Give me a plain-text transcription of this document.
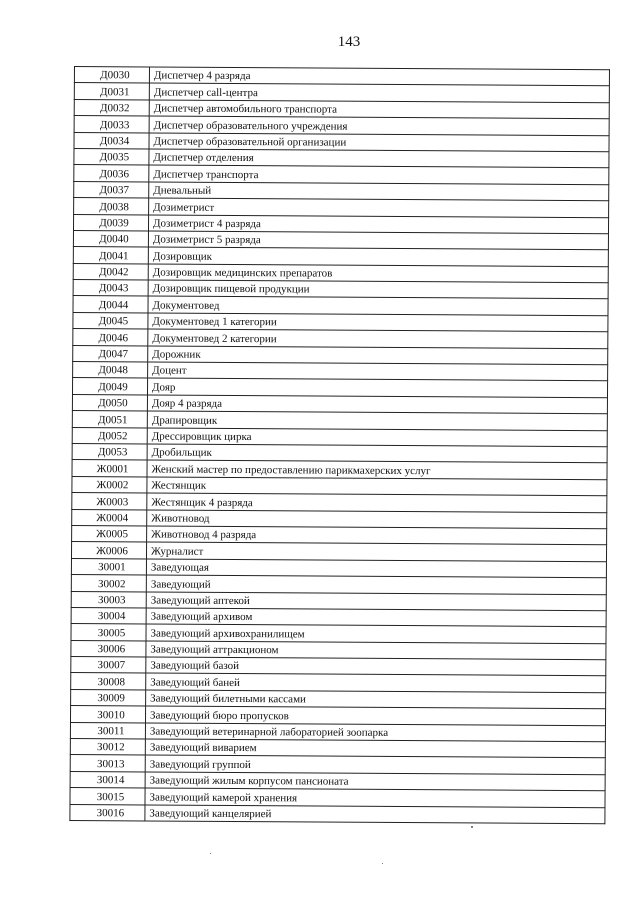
143
Д0030	Диспетчер 4 разряда
Д0031	Диспетчер call-центра
Д0032	Диспетчер автомобильного транспорта
Д0033	Диспетчер образовательного учреждения
Д0034	Диспетчер образовательной организации
Д0035	Диспетчер отделения
Д0036	Диспетчер транспорта
Д0037	Дневальный
Д0038	Дозиметрист
Д0039	Дозиметрист 4 разряда
Д0040	Дозиметрист 5 разряда
Д0041	Дозировщик
Д0042	Дозировщик медицинских препаратов
Д0043	Дозировщик пищевой продукции
Д0044	Документовед
Д0045	Документовед 1 категории
Д0046	Документовед 2 категории
Д0047	Дорожник
Д0048	Доцент
Д0049	Дояр
Д0050	Дояр 4 разряда
Д0051	Драпировщик
Д0052	Дрессировщик цирка
Д0053	Дробильщик
Ж0001	Женский мастер по предоставлению парикмахерских услуг
Ж0002	Жестянщик
Ж0003	Жестянщик 4 разряда
Ж0004	Животновод
Ж0005	Животновод 4 разряда
Ж0006	Журналист
З0001	Заведующая
З0002	Заведующий
З0003	Заведующий аптекой
З0004	Заведующий архивом
З0005	Заведующий архивохранилищем
З0006	Заведующий аттракционом
З0007	Заведующий базой
З0008	Заведующий баней
З0009	Заведующий билетными кассами
З0010	Заведующий бюро пропусков
З0011	Заведующий ветеринарной лабораторией зоопарка
З0012	Заведующий виварием
З0013	Заведующий группой
З0014	Заведующий жилым корпусом пансионата
З0015	Заведующий камерой хранения
З0016	Заведующий канцелярией
